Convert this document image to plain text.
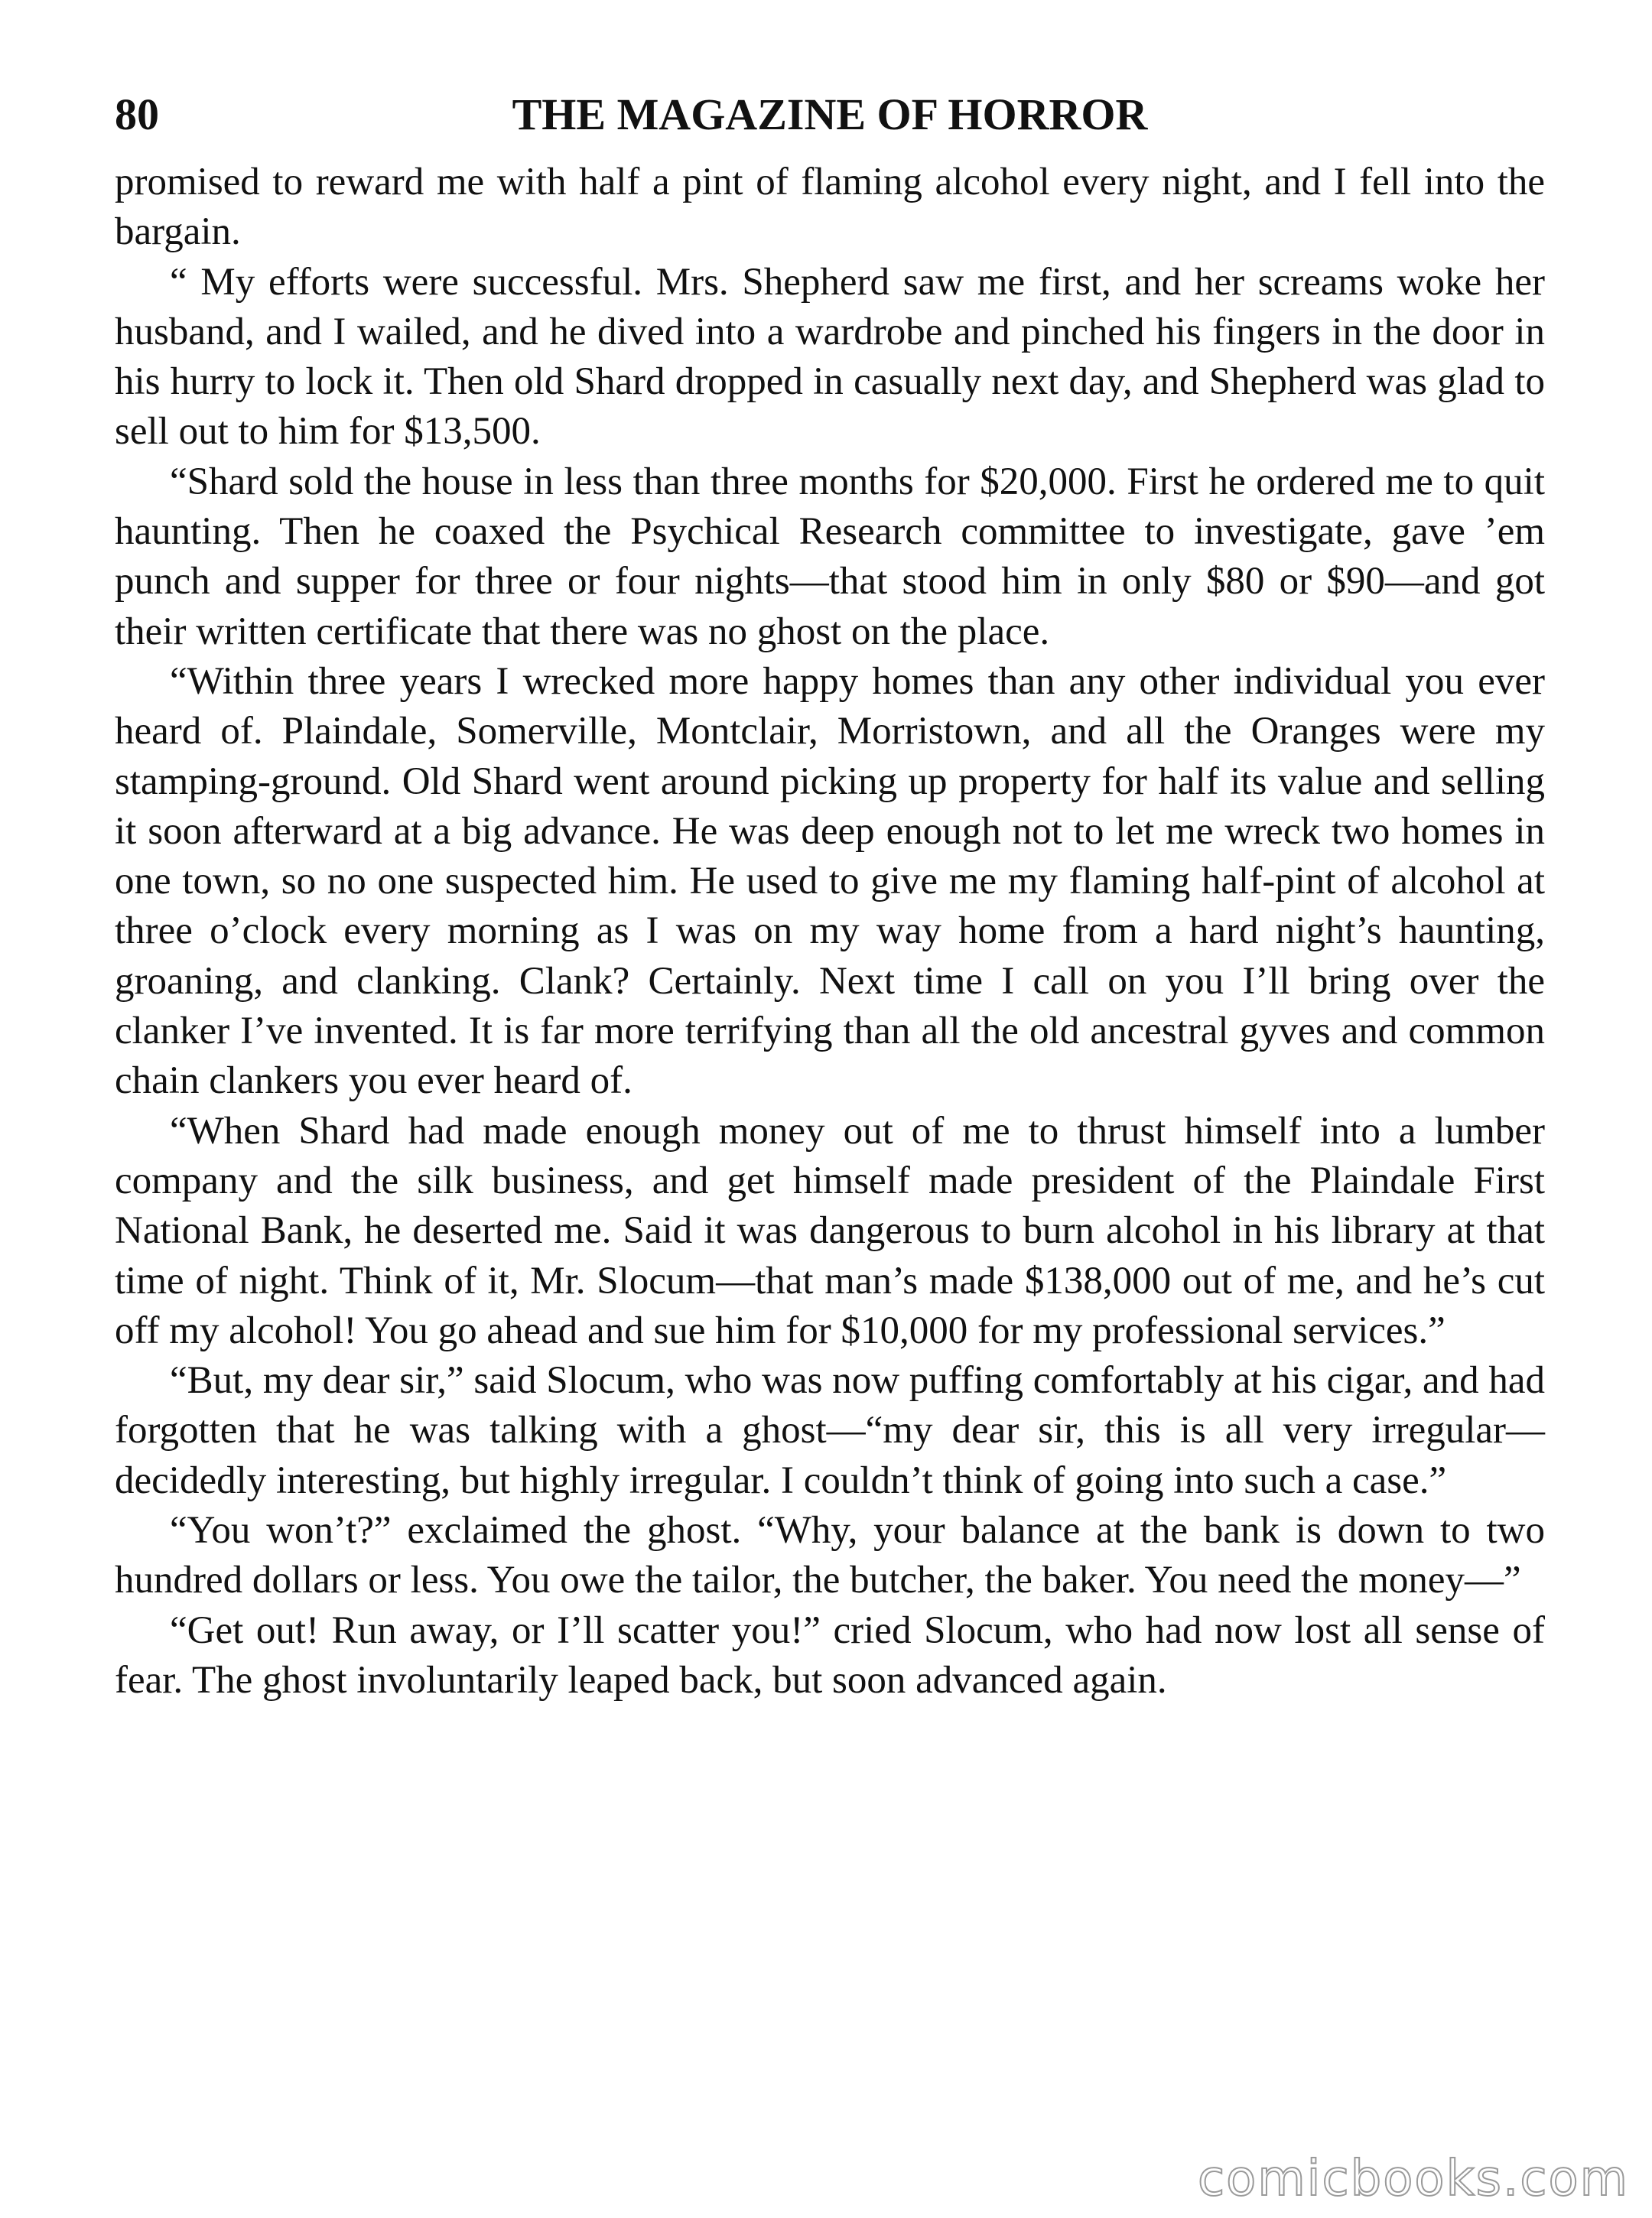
80	THE MAGAZINE OF HORROR

promised to reward me with half a pint of flaming alcohol every night, and I fell into the bargain.

“ My efforts were successful. Mrs. Shepherd saw me first, and her screams woke her husband, and I wailed, and he dived into a wardrobe and pinched his fingers in the door in his hurry to lock it. Then old Shard dropped in casually next day, and Shepherd was glad to sell out to him for $13,500.

“Shard sold the house in less than three months for $20,000. First he ordered me to quit haunting. Then he coaxed the Psychical Research committee to investigate, gave ’em punch and supper for three or four nights—that stood him in only $80 or $90—and got their written certificate that there was no ghost on the place.

“Within three years I wrecked more happy homes than any other individual you ever heard of. Plaindale, Somerville, Montclair, Morristown, and all the Oranges were my stamping-ground. Old Shard went around picking up property for half its value and selling it soon afterward at a big advance. He was deep enough not to let me wreck two homes in one town, so no one suspected him. He used to give me my flaming half-pint of alcohol at three o’clock every morning as I was on my way home from a hard night’s haunting, groaning, and clanking. Clank? Certainly. Next time I call on you I’ll bring over the clanker I’ve invented. It is far more terrifying than all the old ancestral gyves and common chain clankers you ever heard of.

“When Shard had made enough money out of me to thrust himself into a lumber company and the silk business, and get himself made president of the Plaindale First National Bank, he deserted me. Said it was dangerous to burn alcohol in his library at that time of night. Think of it, Mr. Slocum—that man’s made $138,000 out of me, and he’s cut off my alcohol! You go ahead and sue him for $10,000 for my professional services.”

“But, my dear sir,” said Slocum, who was now puffing comfortably at his cigar, and had forgotten that he was talking with a ghost—“my dear sir, this is all very irregular—decidedly interesting, but highly irregular. I couldn’t think of going into such a case.”

“You won’t?” exclaimed the ghost. “Why, your balance at the bank is down to two hundred dollars or less. You owe the tailor, the butcher, the baker. You need the money—”

“Get out! Run away, or I’ll scatter you!” cried Slocum, who had now lost all sense of fear. The ghost involuntarily leaped back, but soon advanced again.

comicbooks.com
